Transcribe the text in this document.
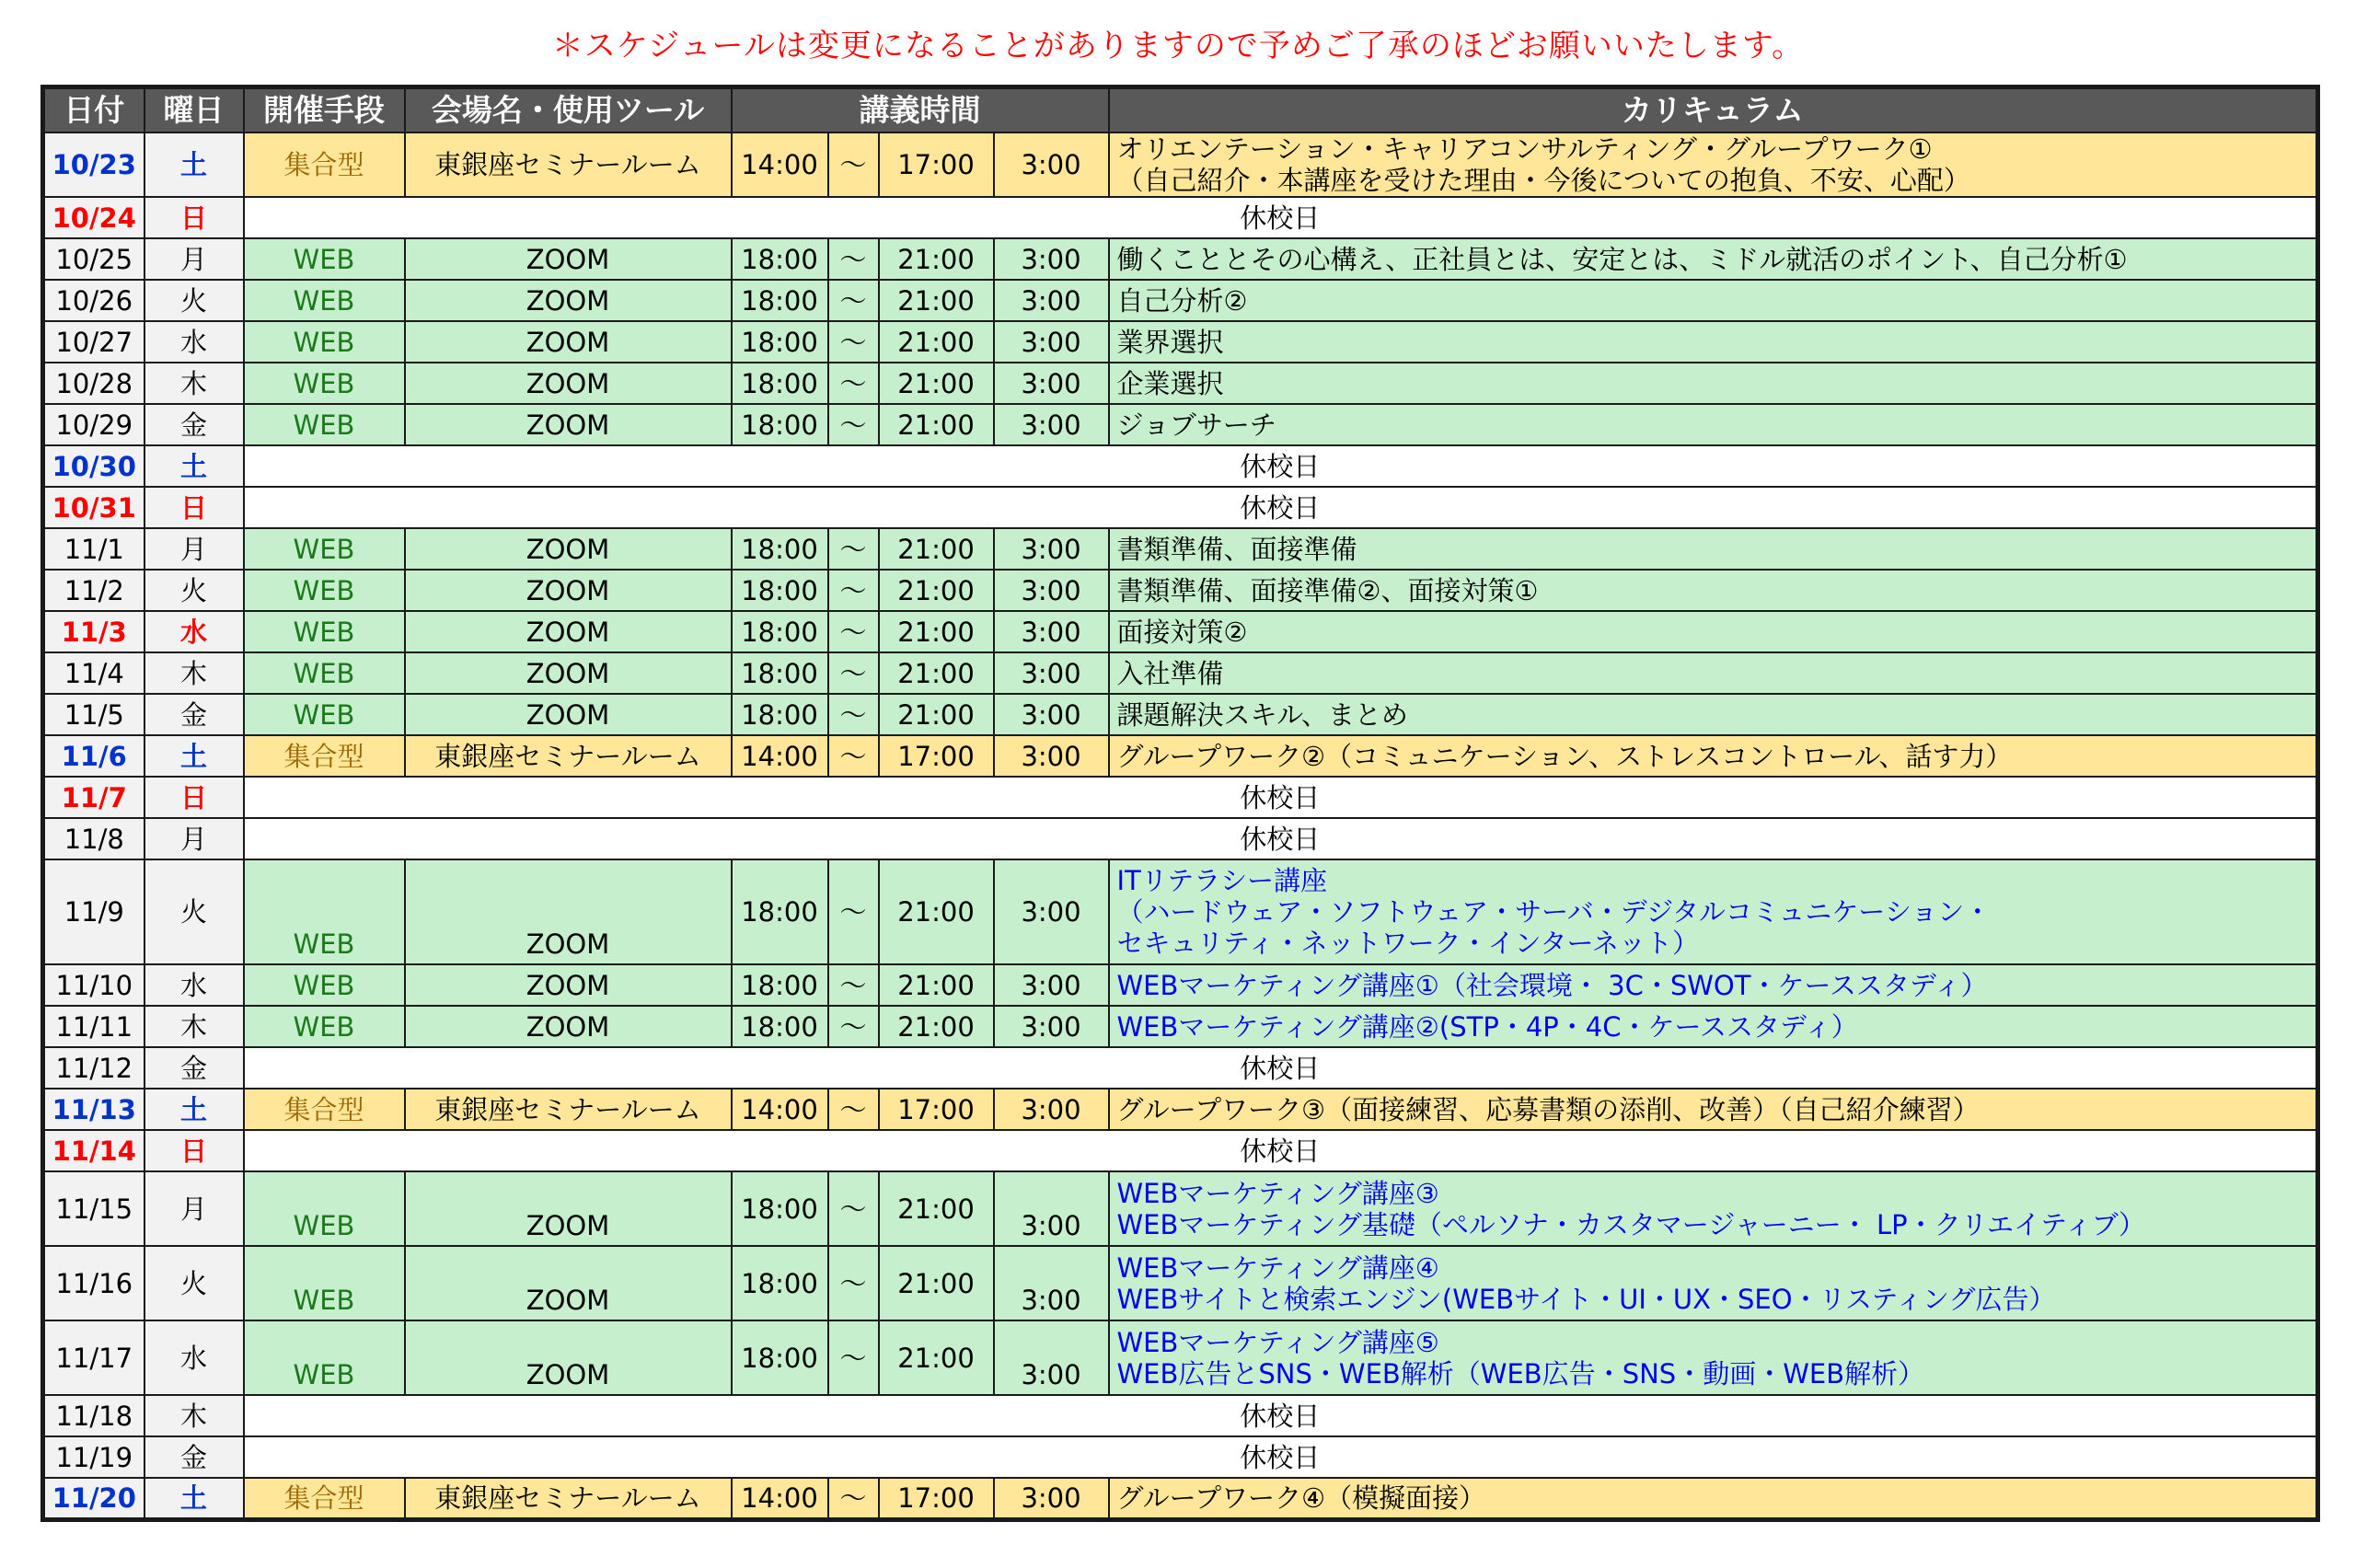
＊スケジュールは変更になることがありますので予めご了承のほどお願いいたします。
日付	曜日	開催手段	会場名・使用ツール	講義時間				カリキュラム
10/23	土	集合型	東銀座セミナールーム	14:00	～	17:00	3:00	オリエンテーション・キャリアコンサルティング・グループワーク①
（自己紹介・本講座を受けた理由・今後についての抱負、不安、心配）

10/24	日	休校日						
10/25	月	WEB	ZOOM	18:00	～	21:00	3:00	働くこととその心構え、正社員とは、安定とは、ミドル就活のポイント、自己分析①

10/26	火	WEB	ZOOM	18:00	～	21:00	3:00	自己分析②

10/27	水	WEB	ZOOM	18:00	～	21:00	3:00	業界選択

10/28	木	WEB	ZOOM	18:00	～	21:00	3:00	企業選択

10/29	金	WEB	ZOOM	18:00	～	21:00	3:00	ジョブサーチ

10/30	土	休校日						
10/31	日	休校日						
11/1	月	WEB	ZOOM	18:00	～	21:00	3:00	書類準備、面接準備

11/2	火	WEB	ZOOM	18:00	～	21:00	3:00	書類準備、面接準備②、面接対策①

11/3	水	WEB	ZOOM	18:00	～	21:00	3:00	面接対策②

11/4	木	WEB	ZOOM	18:00	～	21:00	3:00	入社準備

11/5	金	WEB	ZOOM	18:00	～	21:00	3:00	課題解決スキル、まとめ

11/6	土	集合型	東銀座セミナールーム	14:00	～	17:00	3:00	グループワーク②（コミュニケーション、ストレスコントロール、話す力）

11/7	日	休校日						
11/8	月	休校日						
11/9	火	WEB	ZOOM	18:00	～	21:00	3:00	ITリテラシー講座
（ハードウェア・ソフトウェア・サーバ・デジタルコミュニケーション・
セキュリティ・ネットワーク・インターネット）

11/10	水	WEB	ZOOM	18:00	～	21:00	3:00	WEBマーケティング講座①（社会環境・ 3C・SWOT・ケーススタディ）

11/11	木	WEB	ZOOM	18:00	～	21:00	3:00	WEBマーケティング講座②(STP・4P・4C・ケーススタディ）

11/12	金	休校日						
11/13	土	集合型	東銀座セミナールーム	14:00	～	17:00	3:00	グループワーク③（面接練習、応募書類の添削、改善）（自己紹介練習）

11/14	日	休校日						
11/15	月	WEB	ZOOM	18:00	～	21:00	3:00	WEBマーケティング講座③
WEBマーケティング基礎（ペルソナ・カスタマージャーニー・ LP・クリエイティブ）

11/16	火	WEB	ZOOM	18:00	～	21:00	3:00	WEBマーケティング講座④
WEBサイトと検索エンジン(WEBサイト・UI・UX・SEO・リスティング広告）

11/17	水	WEB	ZOOM	18:00	～	21:00	3:00	WEBマーケティング講座⑤
WEB広告とSNS・WEB解析（WEB広告・SNS・動画・WEB解析）

11/18	木	休校日						
11/19	金	休校日						
11/20	土	集合型	東銀座セミナールーム	14:00	～	17:00	3:00	グループワーク④（模擬面接）
